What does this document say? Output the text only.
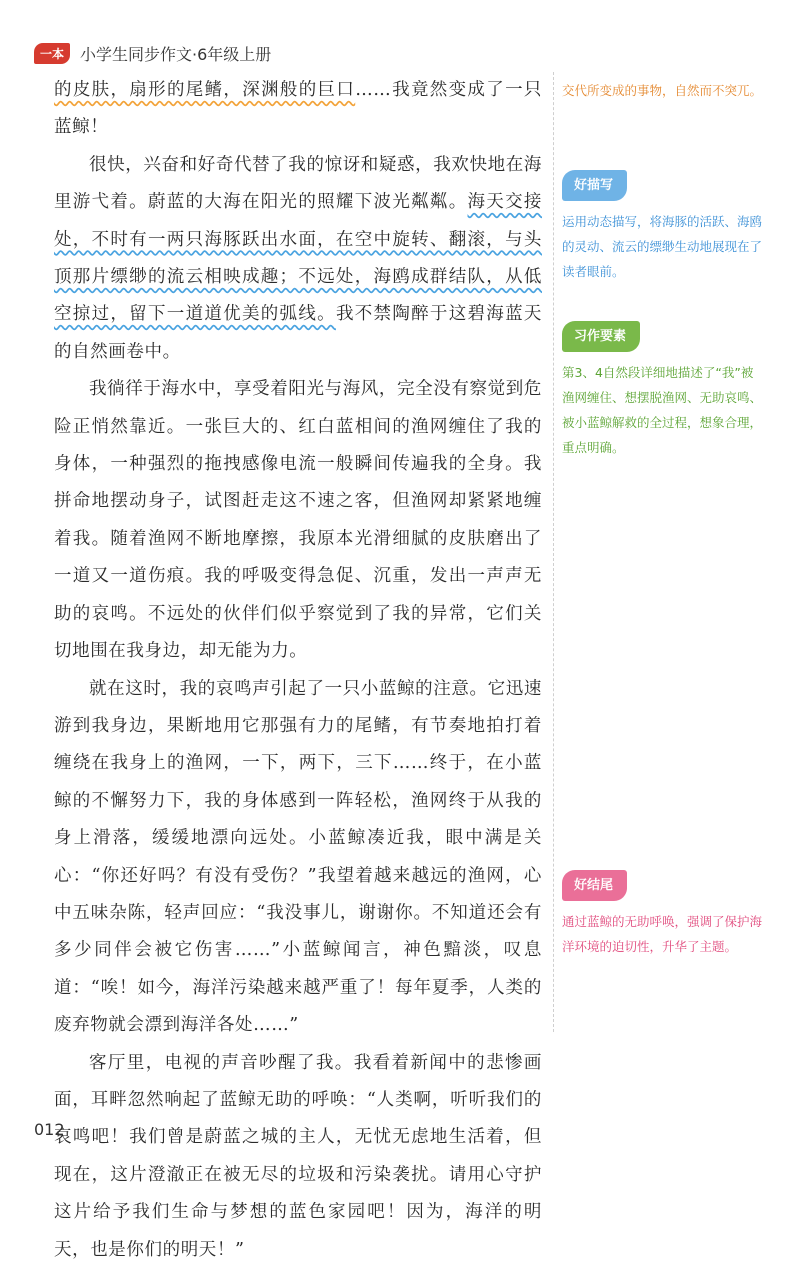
一本	小学生同步作文·6年级上册

的皮肤，扇形的尾鳍，深渊般的巨口……我竟然变成了一只蓝鲸！

很快，兴奋和好奇代替了我的惊讶和疑惑，我欢快地在海里游弋着。蔚蓝的大海在阳光的照耀下波光粼粼。海天交接处，不时有一两只海豚跃出水面，在空中旋转、翻滚，与头顶那片缥缈的流云相映成趣；不远处，海鸥成群结队，从低空掠过，留下一道道优美的弧线。我不禁陶醉于这碧海蓝天的自然画卷中。

我徜徉于海水中，享受着阳光与海风，完全没有察觉到危险正悄然靠近。一张巨大的、红白蓝相间的渔网缠住了我的身体，一种强烈的拖拽感像电流一般瞬间传遍我的全身。我拼命地摆动身子，试图赶走这不速之客，但渔网却紧紧地缠着我。随着渔网不断地摩擦，我原本光滑细腻的皮肤磨出了一道又一道伤痕。我的呼吸变得急促、沉重，发出一声声无助的哀鸣。不远处的伙伴们似乎察觉到了我的异常，它们关切地围在我身边，却无能为力。

就在这时，我的哀鸣声引起了一只小蓝鲸的注意。它迅速游到我身边，果断地用它那强有力的尾鳍，有节奏地拍打着缠绕在我身上的渔网，一下，两下，三下……终于，在小蓝鲸的不懈努力下，我的身体感到一阵轻松，渔网终于从我的身上滑落，缓缓地漂向远处。小蓝鲸凑近我，眼中满是关心：“你还好吗？有没有受伤？”我望着越来越远的渔网，心中五味杂陈，轻声回应：“我没事儿，谢谢你。不知道还会有多少同伴会被它伤害……”小蓝鲸闻言，神色黯淡，叹息道：“唉！如今，海洋污染越来越严重了！每年夏季，人类的废弃物就会漂到海洋各处……”

客厅里，电视的声音吵醒了我。我看着新闻中的悲惨画面，耳畔忽然响起了蓝鲸无助的呼唤：“人类啊，听听我们的哀鸣吧！我们曾是蔚蓝之城的主人，无忧无虑地生活着，但现在，这片澄澈正在被无尽的垃圾和污染袭扰。请用心守护这片给予我们生命与梦想的蓝色家园吧！因为，海洋的明天，也是你们的明天！”

交代所变成的事物，自然而不突兀。

好描写

运用动态描写，将海豚的活跃、海鸥的灵动、流云的缥缈生动地展现在了读者眼前。

习作要素

第3、4自然段详细地描述了“我”被渔网缠住、想摆脱渔网、无助哀鸣、被小蓝鲸解救的全过程，想象合理，重点明确。

好结尾

通过蓝鲸的无助呼唤，强调了保护海洋环境的迫切性，升华了主题。

012
